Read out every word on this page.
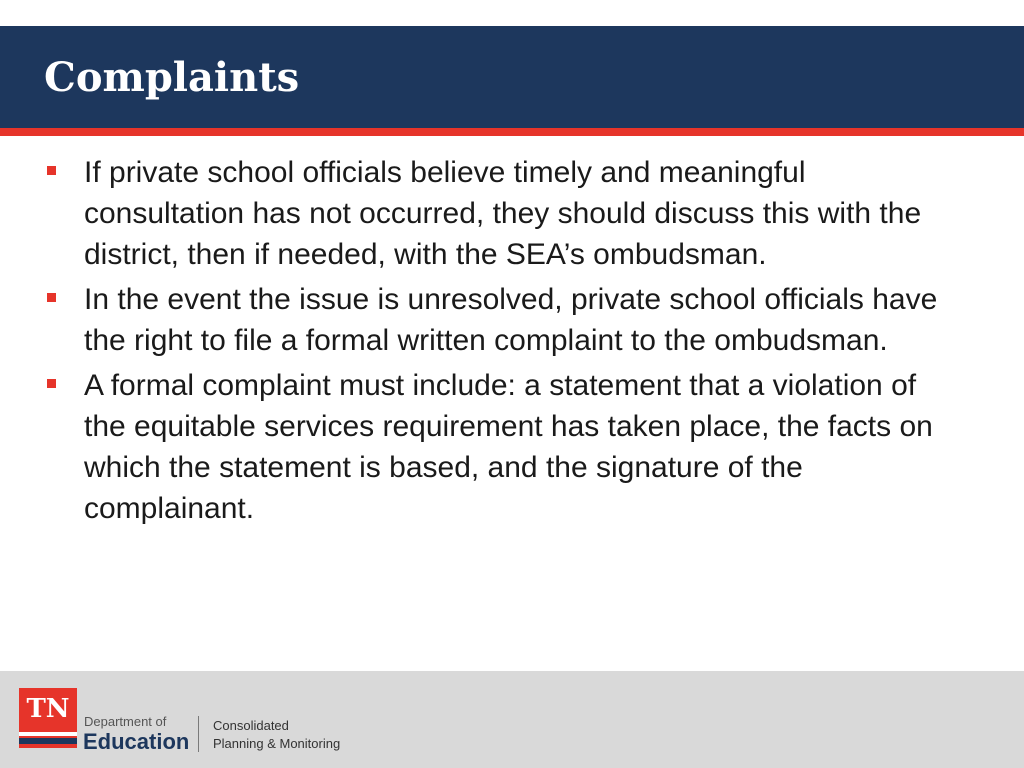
Complaints
If private school officials believe timely and meaningful consultation has not occurred, they should discuss this with the district, then if needed, with the SEA’s ombudsman.
In the event the issue is unresolved, private school officials have the right to file a formal written complaint to the ombudsman.
A formal complaint must include: a statement that a violation of the equitable services requirement has taken place, the facts on which the statement is based, and the signature of the complainant.
TN	Department of
Education
Consolidated
Planning & Monitoring
